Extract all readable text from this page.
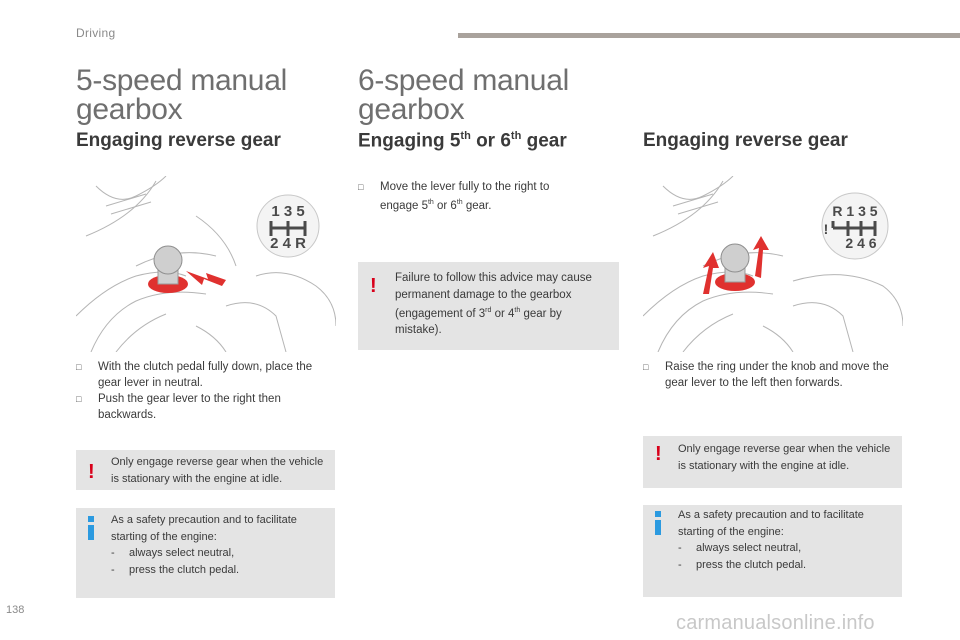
Driving
5-speed manual
gearbox
Engaging reverse gear
1 3 5
2 4 R
□ With the clutch pedal fully down, place the gear lever in neutral.
□ Push the gear lever to the right then backwards.
! Only engage reverse gear when the vehicle is stationary with the engine at idle.
As a safety precaution and to facilitate starting of the engine:
-	always select neutral,
-	press the clutch pedal.
6-speed manual
gearbox
Engaging 5th or 6th gear
□ Move the lever fully to the right to engage 5th or 6th gear.
! Failure to follow this advice may cause permanent damage to the gearbox (engagement of 3rd or 4th gear by mistake).
Engaging reverse gear
R 1 3 5
2 4 6
!
□ Raise the ring under the knob and move the gear lever to the left then forwards.
! Only engage reverse gear when the vehicle is stationary with the engine at idle.
As a safety precaution and to facilitate starting of the engine:
-	always select neutral,
-	press the clutch pedal.
138
carmanualsonline.info
